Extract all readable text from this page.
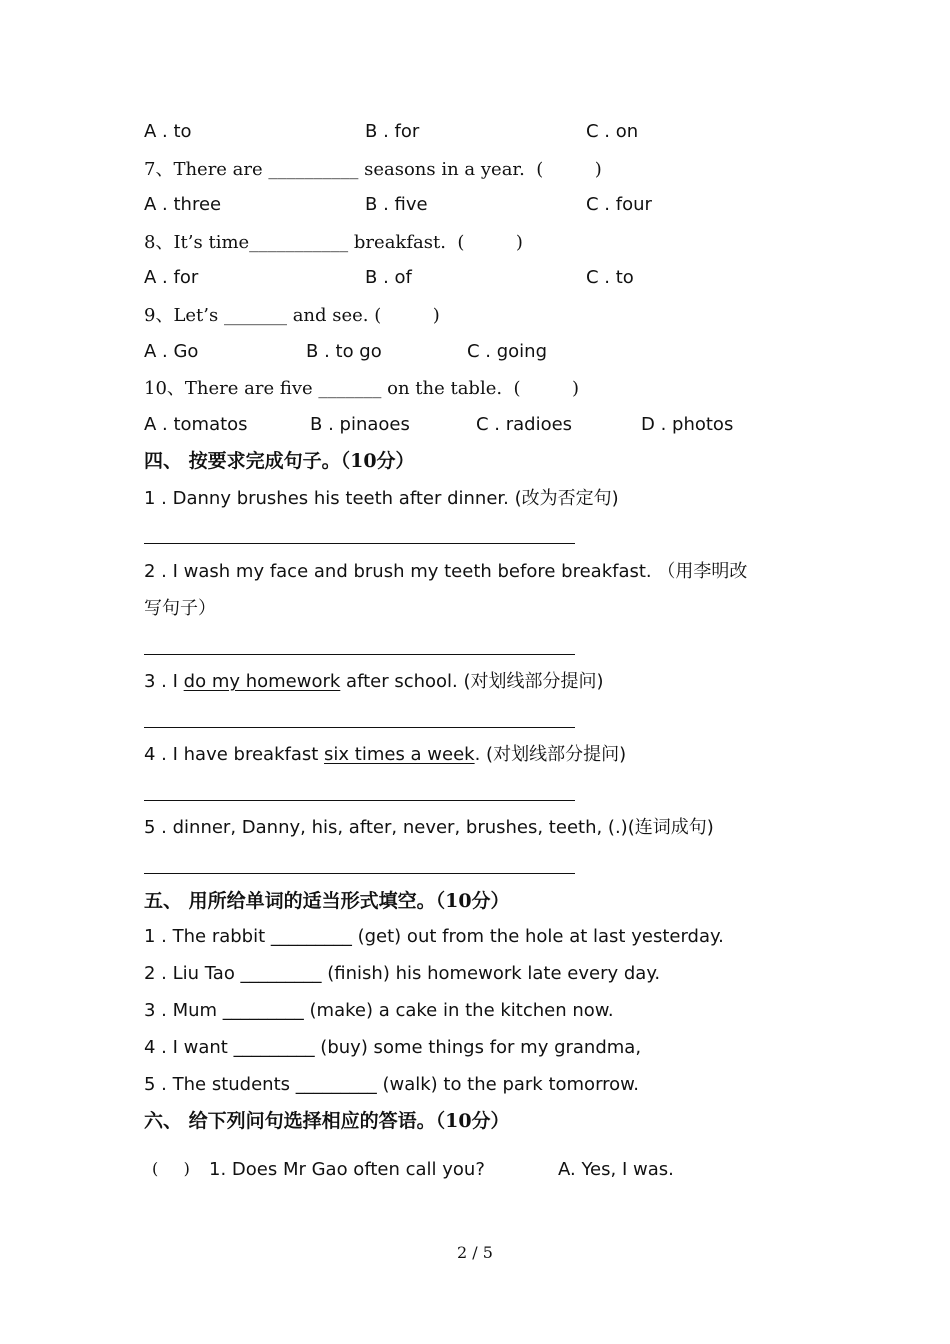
A . to	B . for	C . on
7、There are __________ seasons in a year.  (         )
A . three	B . five	C . four
8、It’s time___________ breakfast.  (         )
A . for	B . of	C . to
9、Let’s _______ and see. (         )
A . Go	B . to go	C . going
10、There are five _______ on the table.  (         )
A . tomatos	B . pinaoes	C . radioes	D . photos
四、 按要求完成句子。（10分）
1 . Danny brushes his teeth after dinner. (改为否定句)
2 . I wash my face and brush my teeth before breakfast. （用李明改
写句子）
3 . I do my homework after school. (对划线部分提问)
4 . I have breakfast six times a week. (对划线部分提问)
5 . dinner, Danny, his, after, never, brushes, teeth, (.)(连词成句)
五、 用所给单词的适当形式填空。（10分）
1 . The rabbit _________ (get) out from the hole at last yesterday.
2 . Liu Tao _________ (finish) his homework late every day.
3 . Mum _________ (make) a cake in the kitchen now.
4 . I want _________ (buy) some things for my grandma,
5 . The students _________ (walk) to the park tomorrow.
六、 给下列问句选择相应的答语。（10分）
(     ) 1. Does Mr Gao often call you?	A. Yes, I was.
2 / 5
